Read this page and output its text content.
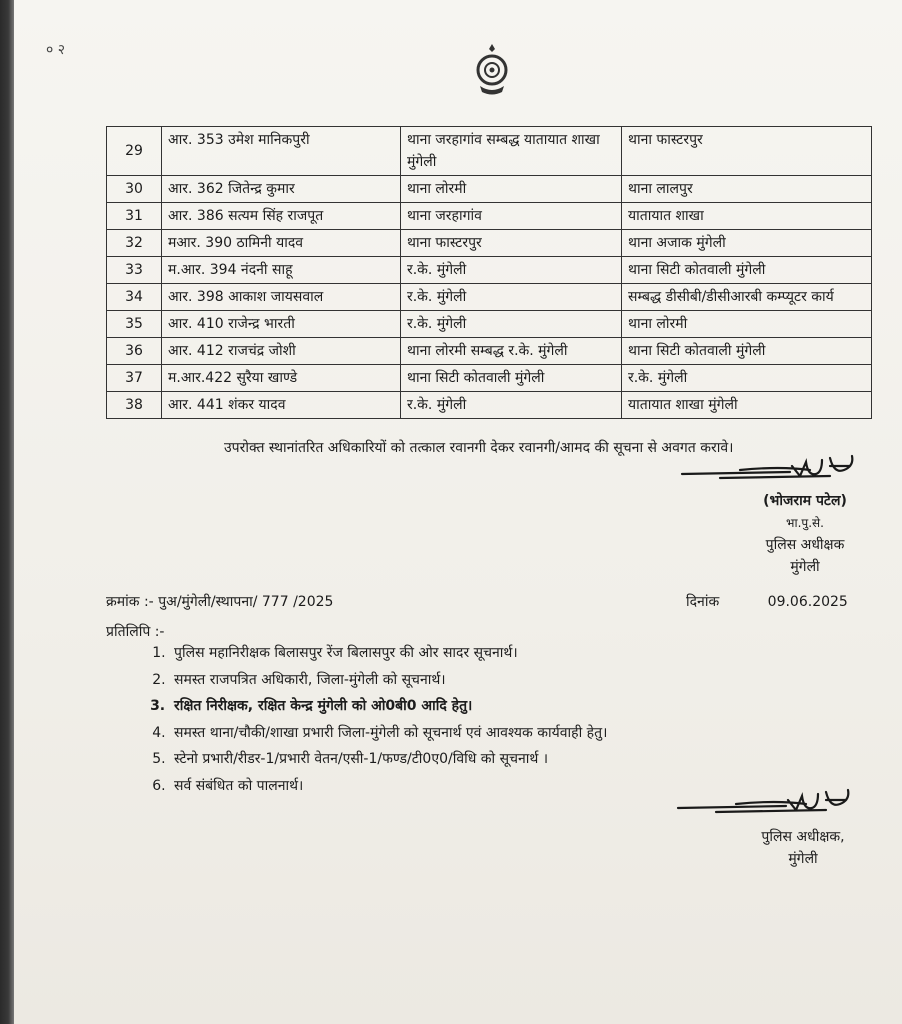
० २
29	आर. 353 उमेश मानिकपुरी	थाना जरहागांव सम्बद्ध यातायात शाखा मुंगेली	थाना फास्टरपुर
30	आर. 362 जितेन्द्र कुमार	थाना लोरमी	थाना लालपुर
31	आर. 386 सत्यम सिंह राजपूत	थाना जरहागांव	यातायात शाखा
32	मआर. 390 ठामिनी यादव	थाना फास्टरपुर	थाना अजाक मुंगेली
33	म.आर. 394 नंदनी साहू	र.के. मुंगेली	थाना सिटी कोतवाली मुंगेली
34	आर. 398 आकाश जायसवाल	र.के. मुंगेली	सम्बद्ध डीसीबी/डीसीआरबी कम्प्यूटर कार्य
35	आर. 410 राजेन्द्र भारती	र.के. मुंगेली	थाना लोरमी
36	आर. 412 राजचंद्र जोशी	थाना लोरमी सम्बद्ध र.के. मुंगेली	थाना सिटी कोतवाली मुंगेली
37	म.आर.422 सुरैया खाण्डे	थाना सिटी कोतवाली मुंगेली	र.के. मुंगेली
38	आर. 441 शंकर यादव	र.के. मुंगेली	यातायात शाखा मुंगेली
उपरोक्त स्थानांतरित अधिकारियों को तत्काल रवानगी देकर रवानगी/आमद की सूचना से अवगत करावे।
(भोजराम पटेल)
भा.पु.से.
पुलिस अधीक्षक
मुंगेली
क्रमांक :- पुअ/मुंगेली/स्थापना/ 777 /2025	दिनांक	09.06.2025
प्रतिलिपि :-
1. पुलिस महानिरीक्षक बिलासपुर रेंज बिलासपुर की ओर सादर सूचनार्थ।
2. समस्त राजपत्रित अधिकारी, जिला-मुंगेली को सूचनार्थ।
3. रक्षित निरीक्षक, रक्षित केन्द्र मुंगेली को ओ0बी0 आदि हेतु।
4. समस्त थाना/चौकी/शाखा प्रभारी जिला-मुंगेली को सूचनार्थ एवं आवश्यक कार्यवाही हेतु।
5. स्टेनो प्रभारी/रीडर-1/प्रभारी वेतन/एसी-1/फण्ड/टी0ए0/विधि को सूचनार्थ ।
6. सर्व संबंधित को पालनार्थ।
पुलिस अधीक्षक,
मुंगेली
